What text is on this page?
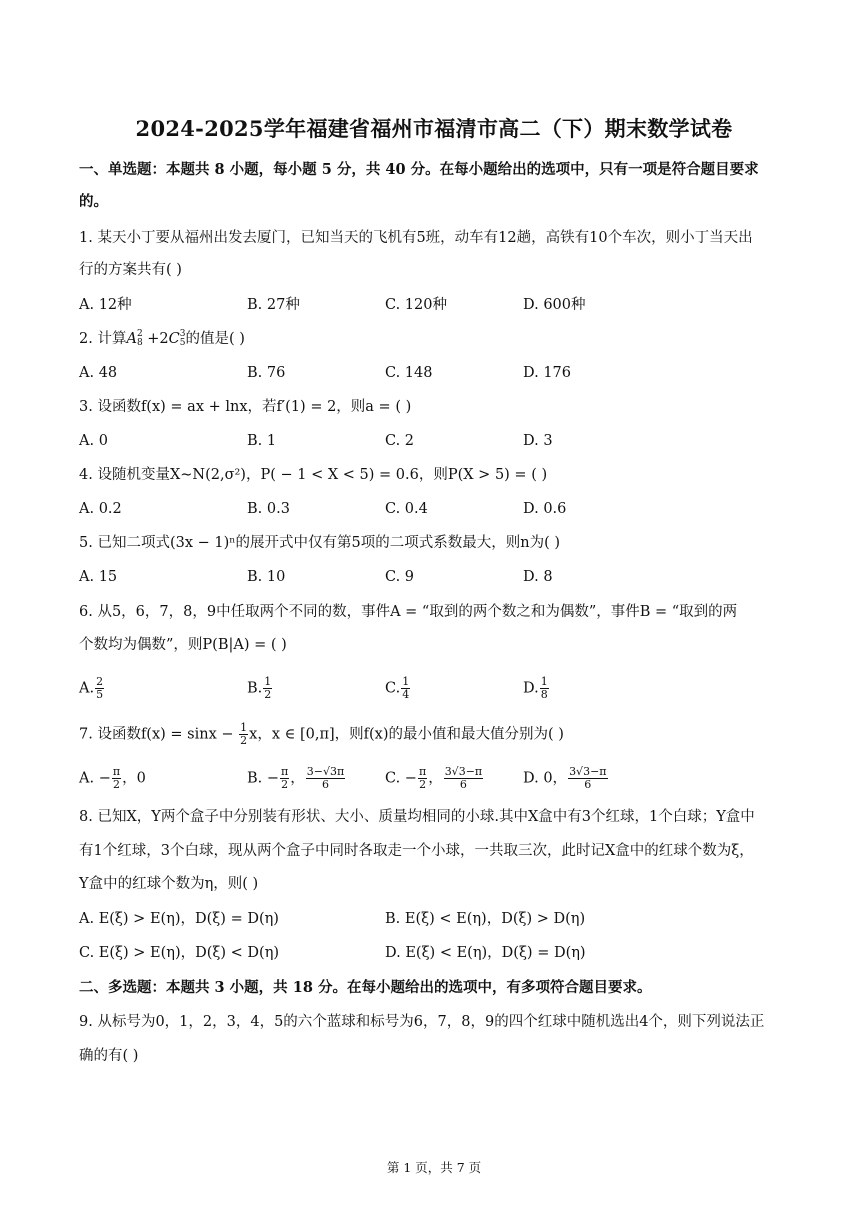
2024-2025学年福建省福州市福清市高二（下）期末数学试卷
一、单选题：本题共 8 小题，每小题 5 分，共 40 分。在每小题给出的选项中，只有一项是符合题目要求
的。
1. 某天小丁要从福州出发去厦门，已知当天的飞机有5班，动车有12趟，高铁有10个车次，则小丁当天出
行的方案共有( )
A. 12种	B. 27种	C. 120种	D. 600种
2. 计算A 2
8 +2C 3
5 的值是( )
A. 48	B. 76	C. 148	D. 176
3. 设函数f(x) = ax + lnx，若f′(1) = 2，则a = ( )
A. 0	B. 1	C. 2	D. 3
4. 设随机变量X∼N(2,σ²)，P( − 1 < X < 5) = 0.6，则P(X > 5) = ( )
A. 0.2	B. 0.3	C. 0.4	D. 0.6
5. 已知二项式(3x − 1)ⁿ的展开式中仅有第5项的二项式系数最大，则n为( )
A. 15	B. 10	C. 9	D. 8
6. 从5，6，7，8，9中任取两个不同的数，事件A = “取到的两个数之和为偶数”，事件B = “取到的两
个数均为偶数”，则P(B|A) = ( )
A. $\frac{2}{5}$	B. $\frac{1}{2}$	C. $\frac{1}{4}$	D. $\frac{1}{8}$
7. 设函数$f(x) = \sin x - \frac{1}{2}$ x，x ∈ [0,π]，则f(x)的最小值和最大值分别为( )
A. − $\frac{\pi}{2}$ ，0	B. − $\frac{\pi}{2}$ ， $\frac{3-√3\pi}{6}$	C. − $\frac{\pi}{2}$ ， $\frac{3√3-\pi}{6}$	D. 0， $\frac{3√3-\pi}{6}$
8. 已知X，Y两个盒子中分别装有形状、大小、质量均相同的小球.其中X盒中有3个红球，1个白球；Y盒中
有1个红球，3个白球，现从两个盒子中同时各取走一个小球，一共取三次，此时记X盒中的红球个数为ξ，
Y盒中的红球个数为η，则( )
A. E(ξ) > E(η)，D(ξ) = D(η)	B. E(ξ) < E(η)，D(ξ) > D(η)
C. E(ξ) > E(η)，D(ξ) < D(η)	D. E(ξ) < E(η)，D(ξ) = D(η)
二、多选题：本题共 3 小题，共 18 分。在每小题给出的选项中，有多项符合题目要求。
9. 从标号为0，1，2，3，4，5的六个蓝球和标号为6，7，8，9的四个红球中随机选出4个，则下列说法正
确的有( )
第 1 页，共 7 页
